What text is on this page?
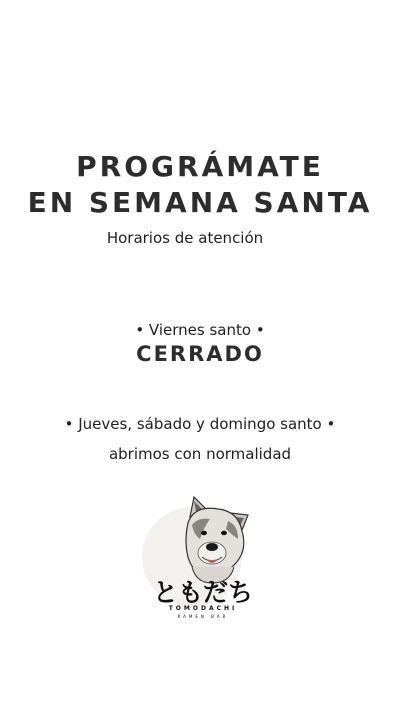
PROGRÁMATE
EN SEMANA SANTA
Horarios de atención
• Viernes santo •
CERRADO
• Jueves, sábado y domingo santo •
abrimos con normalidad
ともだち
TOMODACHI
RAMEN BAR
